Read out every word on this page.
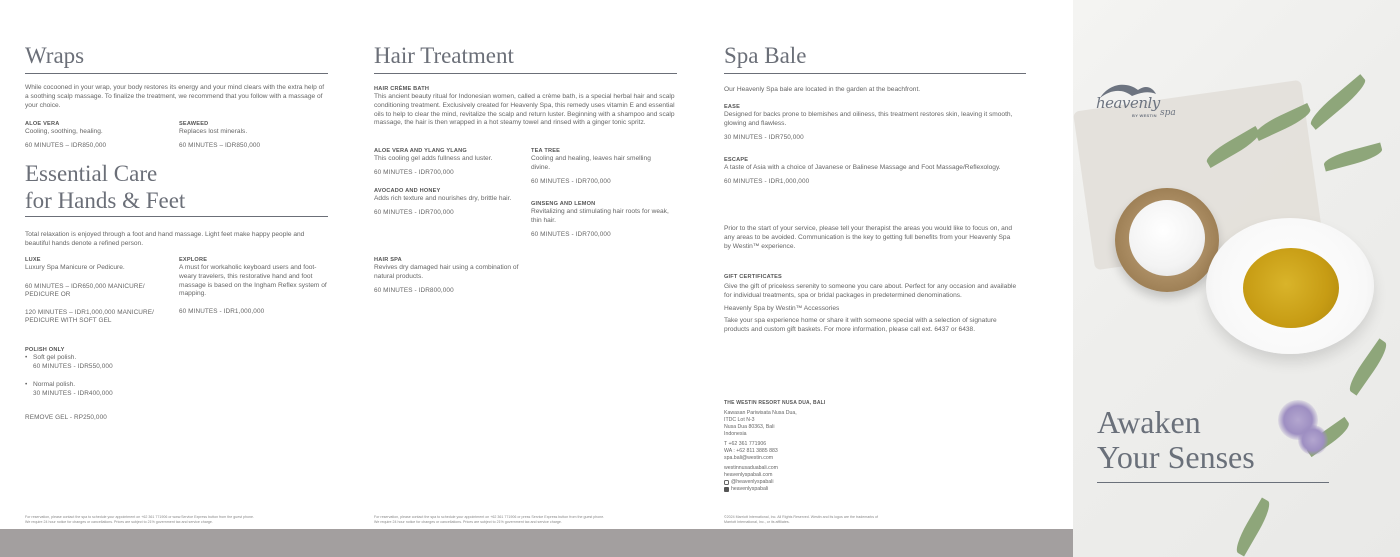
Wraps
While cocooned in your wrap, your body restores its energy and your mind clears with the extra help of a soothing scalp massage. To finalize the treatment, we recommend that you follow with a massage of your choice.
ALOE VERA
Cooling, soothing, healing.
60 MINUTES – IDR850,000
SEAWEED
Replaces lost minerals.
60 MINUTES – IDR850,000
Essential Care
for Hands & Feet
Total relaxation is enjoyed through a foot and hand massage. Light feet make happy people and beautiful hands denote a refined person.
LUXE
Luxury Spa Manicure or Pedicure.
60 MINUTES – IDR650,000 MANICURE/ PEDICURE OR
120 MINUTES – IDR1,000,000 MANICURE/ PEDICURE WITH SOFT GEL
EXPLORE
A must for workaholic keyboard users and foot-weary travelers, this restorative hand and foot massage is based on the Ingham Reflex system of mapping.
60 MINUTES - IDR1,000,000
POLISH ONLY
• Soft gel polish.
60 MINUTES - IDR550,000
• Normal polish.
30 MINUTES - IDR400,000
REMOVE GEL - RP250,000
For reservation, please contact the spa to schedule your appointment on +62 361 771906 or www.Service Express button from the guest phone.
We require 24 hour notice for changes or cancellations. Prices are subject to 21% government tax and service charge.
Hair Treatment
HAIR CRÈME BATH
This ancient beauty ritual for Indonesian women, called a crème bath, is a special herbal hair and scalp conditioning treatment. Exclusively created for Heavenly Spa, this remedy uses vitamin E and essential oils to help to clear the mind, revitalize the scalp and return luster. Beginning with a shampoo and scalp massage, the hair is then wrapped in a hot steamy towel and rinsed with a ginger tonic spritz.
ALOE VERA AND YLANG YLANG
This cooling gel adds fullness and luster.
60 MINUTES - IDR700,000
AVOCADO AND HONEY
Adds rich texture and nourishes dry, brittle hair.
60 MINUTES - IDR700,000
TEA TREE
Cooling and healing, leaves hair smelling divine.
60 MINUTES - IDR700,000
GINSENG AND LEMON
Revitalizing and stimulating hair roots for weak, thin hair.
60 MINUTES - IDR700,000
HAIR SPA
Revives dry damaged hair using a combination of natural products.
60 MINUTES - IDR800,000
For reservation, please contact the spa to schedule your appointment on +62 361 771906 or press Service Express button from the guest phone.
We require 24 hour notice for changes or cancellations. Prices are subject to 21% government tax and service charge.
Spa Bale
Our Heavenly Spa bale are located in the garden at the beachfront.
EASE
Designed for backs prone to blemishes and oiliness, this treatment restores skin, leaving it smooth, glowing and flawless.
30 MINUTES - IDR750,000
ESCAPE
A taste of Asia with a choice of Javanese or Balinese Massage and Foot Massage/Reflexology.
60 MINUTES - IDR1,000,000
Prior to the start of your service, please tell your therapist the areas you would like to focus on, and any areas to be avoided. Communication is the key to getting full benefits from your Heavenly Spa by Westin™ experience.
GIFT CERTIFICATES
Give the gift of priceless serenity to someone you care about. Perfect for any occasion and available for individual treatments, spa or bridal packages in predetermined denominations.
Heavenly Spa by Westin™ Accessories
Take your spa experience home or share it with someone special with a selection of signature products and custom gift baskets. For more information, please call ext. 6437 or 6438.
THE WESTIN RESORT NUSA DUA, BALI
Kawasan Pariwisata Nusa Dua,
ITDC Lot N-3
Nusa Dua 80363, Bali
Indonesia
T +62 361 771906
WA : +62 811 3885 883
spa.bali@westin.com
westinnusaduabali.com
heavenlyspabali.com
@heavenlyspabali
heavenlyspabali
©2024 Marriott International, Inc. All Rights Reserved. Westin and its logos are the trademarks of
Marriott International, Inc., or its affiliates.
heavenly
BY WESTIN spa
Awaken
Your Senses
